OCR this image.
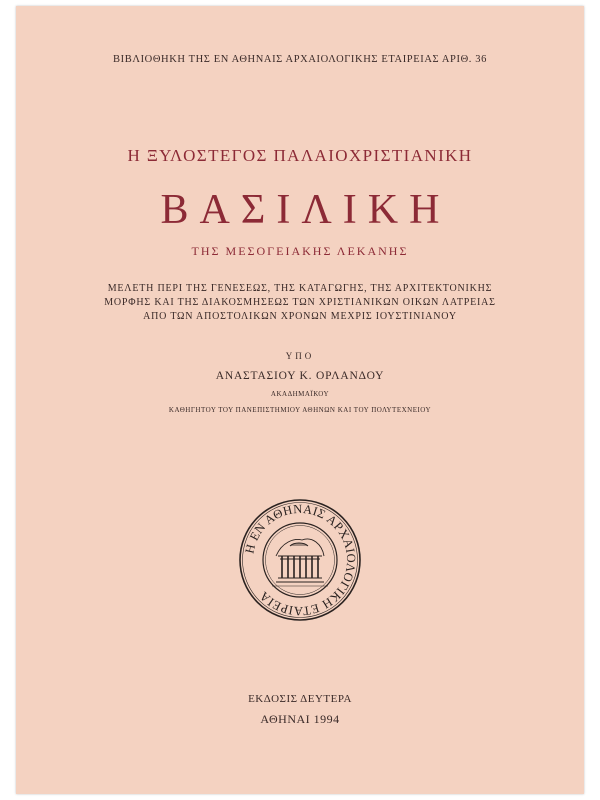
ΒΙΒΛΙΟΘΗΚΗ ΤΗΣ ΕΝ ΑΘΗΝΑΙΣ ΑΡΧΑΙΟΛΟΓΙΚΗΣ ΕΤΑΙΡΕΙΑΣ ΑΡΙΘ. 36

Η ΞΥΛΟΣΤΕΓΟΣ ΠΑΛΑΙΟΧΡΙΣΤΙΑΝΙΚΗ

ΒΑΣΙΛΙΚΗ

ΤΗΣ ΜΕΣΟΓΕΙΑΚΗΣ ΛΕΚΑΝΗΣ

ΜΕΛΕΤΗ ΠΕΡΙ ΤΗΣ ΓΕΝΕΣΕΩΣ, ΤΗΣ ΚΑΤΑΓΩΓΗΣ, ΤΗΣ ΑΡΧΙΤΕΚΤΟΝΙΚΗΣ
ΜΟΡΦΗΣ ΚΑΙ ΤΗΣ ΔΙΑΚΟΣΜΗΣΕΩΣ ΤΩΝ ΧΡΙΣΤΙΑΝΙΚΩΝ ΟΙΚΩΝ ΛΑΤΡΕΙΑΣ
ΑΠΟ ΤΩΝ ΑΠΟΣΤΟΛΙΚΩΝ ΧΡΟΝΩΝ ΜΕΧΡΙΣ ΙΟΥΣΤΙΝΙΑΝΟΥ

ΥΠΟ

ΑΝΑΣΤΑΣΙΟΥ Κ. ΟΡΛΑΝΔΟΥ

ΑΚΑΔΗΜΑΪΚΟΥ

ΚΑΘΗΓΗΤΟΥ ΤΟΥ ΠΑΝΕΠΙΣΤΗΜΙΟΥ ΑΘΗΝΩΝ ΚΑΙ ΤΟΥ ΠΟΛΥΤΕΧΝΕΙΟΥ

Η ΕΝ ΑΘΗΝΑΙΣ ΑΡΧΑΙΟΛΟΓΙΚΗ ΕΤΑΙΡΕΙΑ

ΕΚΔΟΣΙΣ ΔΕΥΤΕΡΑ

ΑΘΗΝΑΙ 1994
